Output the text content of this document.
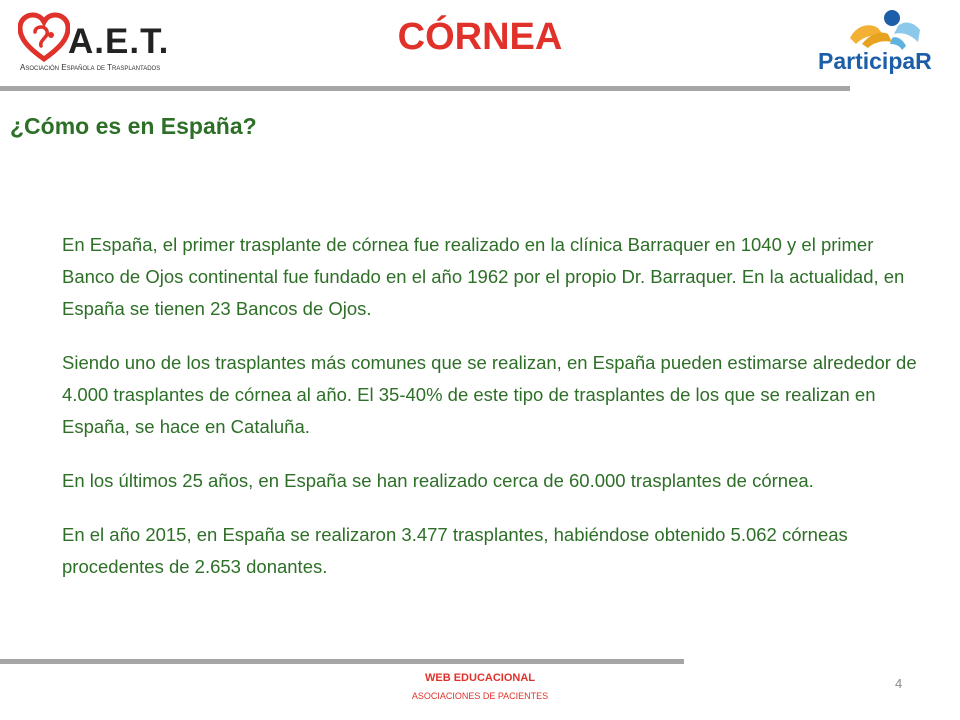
A.E.T.
Asociación Española de Trasplantados
CÓRNEA
ParticipaR
¿Cómo es en España?

En España, el primer trasplante de córnea fue realizado en la clínica Barraquer en 1040 y el primer Banco de Ojos continental fue fundado en el año 1962 por el propio Dr. Barraquer. En la actualidad, en España se tienen 23 Bancos de Ojos.

Siendo uno de los trasplantes más comunes que se realizan, en España pueden estimarse alrededor de 4.000 trasplantes de córnea al año. El 35-40% de este tipo de trasplantes de los que se realizan en España, se hace en Cataluña.

En los últimos 25 años, en España se han realizado cerca de 60.000 trasplantes de córnea.

En el año 2015, en España se realizaron 3.477 trasplantes, habiéndose obtenido 5.062 córneas procedentes de 2.653 donantes.

WEB EDUCACIONAL
ASOCIACIONES DE PACIENTES
4
